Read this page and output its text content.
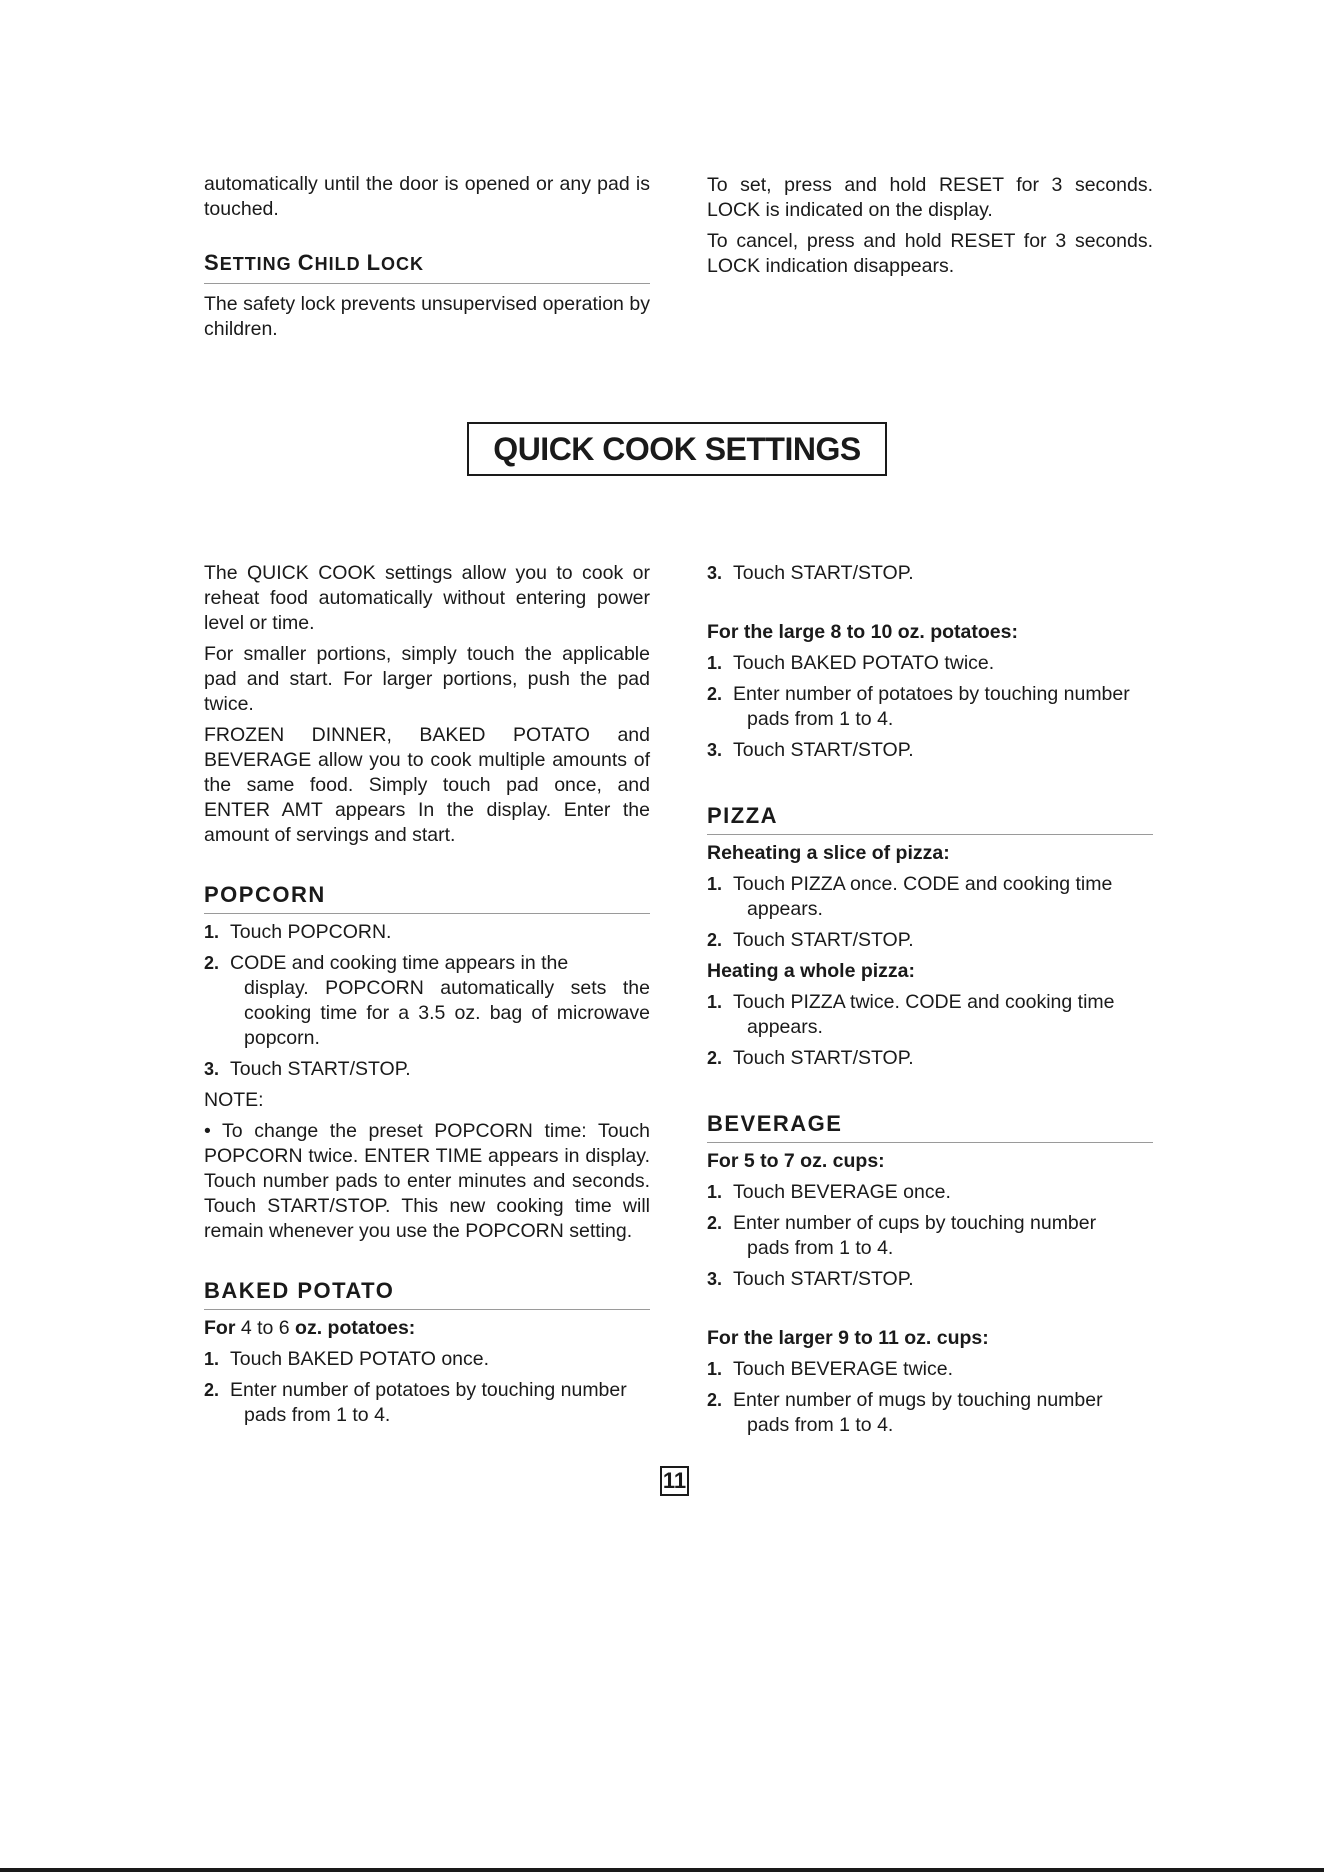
automatically until the door is opened or any pad is touched.

SETTING CHILD LOCK

The safety lock prevents unsupervised operation by children.

To set, press and hold RESET for 3 seconds. LOCK is indicated on the display.

To cancel, press and hold RESET for 3 seconds. LOCK indication disappears.

QUICK COOK SETTINGS

The QUICK COOK settings allow you to cook or reheat food automatically without entering power level or time.

For smaller portions, simply touch the applicable pad and start. For larger portions, push the pad twice.

FROZEN DINNER, BAKED POTATO and BEVERAGE allow you to cook multiple amounts of the same food. Simply touch pad once, and ENTER AMT appears In the display. Enter the amount of servings and start.

POPCORN
1. Touch POPCORN.
2. CODE and cooking time appears in the
display. POPCORN automatically sets the cooking time for a 3.5 oz. bag of microwave popcorn.
3. Touch START/STOP.

NOTE:

• To change the preset POPCORN time: Touch POPCORN twice. ENTER TIME appears in display. Touch number pads to enter minutes and seconds. Touch START/STOP. This new cooking time will remain whenever you use the POPCORN setting.

BAKED POTATO
For 4 to 6 oz. potatoes:
1. Touch BAKED POTATO once.
2. Enter number of potatoes by touching number
pads from 1 to 4.
3. Touch START/STOP.
For the large 8 to 10 oz. potatoes:
1. Touch BAKED POTATO twice.
2. Enter number of potatoes by touching number
pads from 1 to 4.
3. Touch START/STOP.
PIZZA
Reheating a slice of pizza:
1. Touch PIZZA once. CODE and cooking time
appears.
2. Touch START/STOP.
Heating a whole pizza:
1. Touch PIZZA twice. CODE and cooking time
appears.
2. Touch START/STOP.
BEVERAGE
For 5 to 7 oz. cups:
1. Touch BEVERAGE once.
2. Enter number of cups by touching number
pads from 1 to 4.
3. Touch START/STOP.
For the larger 9 to 11 oz. cups:
1. Touch BEVERAGE twice.
2. Enter number of mugs by touching number
pads from 1 to 4.
11
